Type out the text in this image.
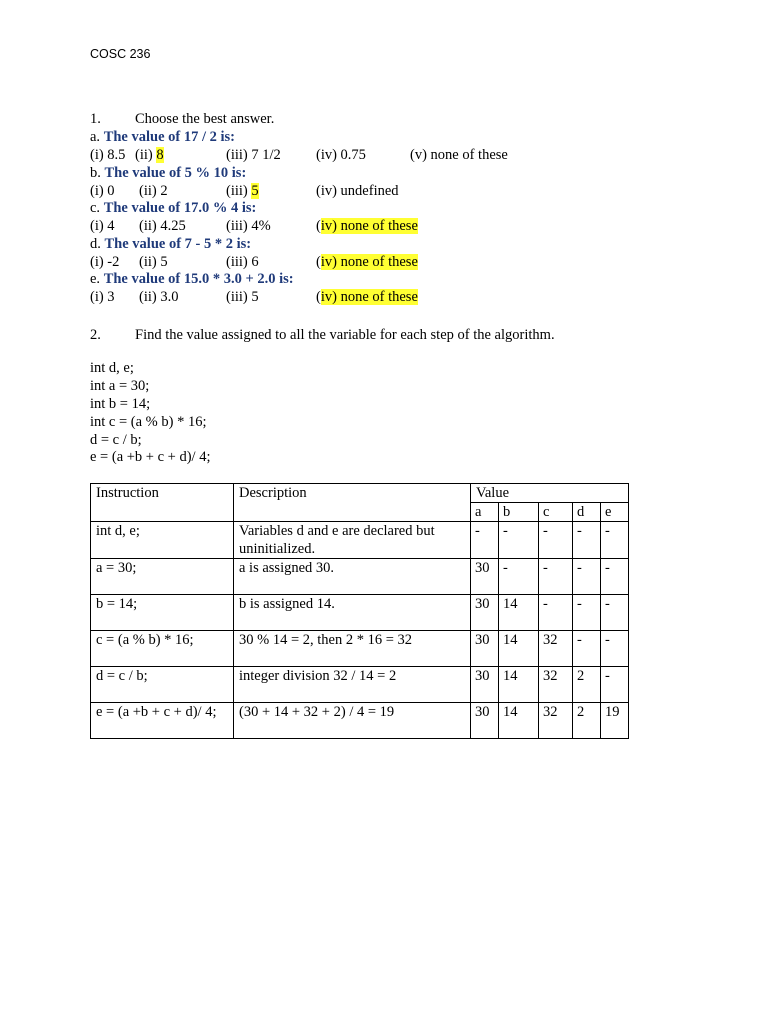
COSC 236
1. Choose the best answer.
a. The value of 17 / 2 is:
(i) 8.5 (ii) 8	(iii) 7 1/2 (iv) 0.75	(v) none of these
b. The value of 5 % 10 is:
(i) 0 (ii) 2	(iii) 5	(iv) undefined
c. The value of 17.0 % 4 is:
(i) 4 (ii) 4.25	(iii) 4%	(iv) none of these
d. The value of 7 - 5 * 2 is:
(i) -2 (ii) 5	(iii) 6	(iv) none of these
e. The value of 15.0 * 3.0 + 2.0 is:
(i) 3 (ii) 3.0	(iii) 5	(iv) none of these
2. Find the value assigned to all the variable for each step of the algorithm.
int d, e;
int a = 30;
int b = 14;
int c = (a % b) * 16;
d = c / b;
e = (a +b + c + d)/ 4;
Instruction	Description	Value				
		a	b	c	d	e
int d, e;	Variables d and e are declared but uninitialized.	-	-	-	-	-
a = 30;	a is assigned 30.	30	-	-	-	-
b = 14;	b is assigned 14.	30	14	-	-	-
c = (a % b) * 16;	30 % 14 = 2, then 2 * 16 = 32	30	14	32	-	-
d = c / b;	integer division 32 / 14 = 2	30	14	32	2	-
e = (a +b + c + d)/ 4;	(30 + 14 + 32 + 2) / 4 = 19	30	14	32	2	19
